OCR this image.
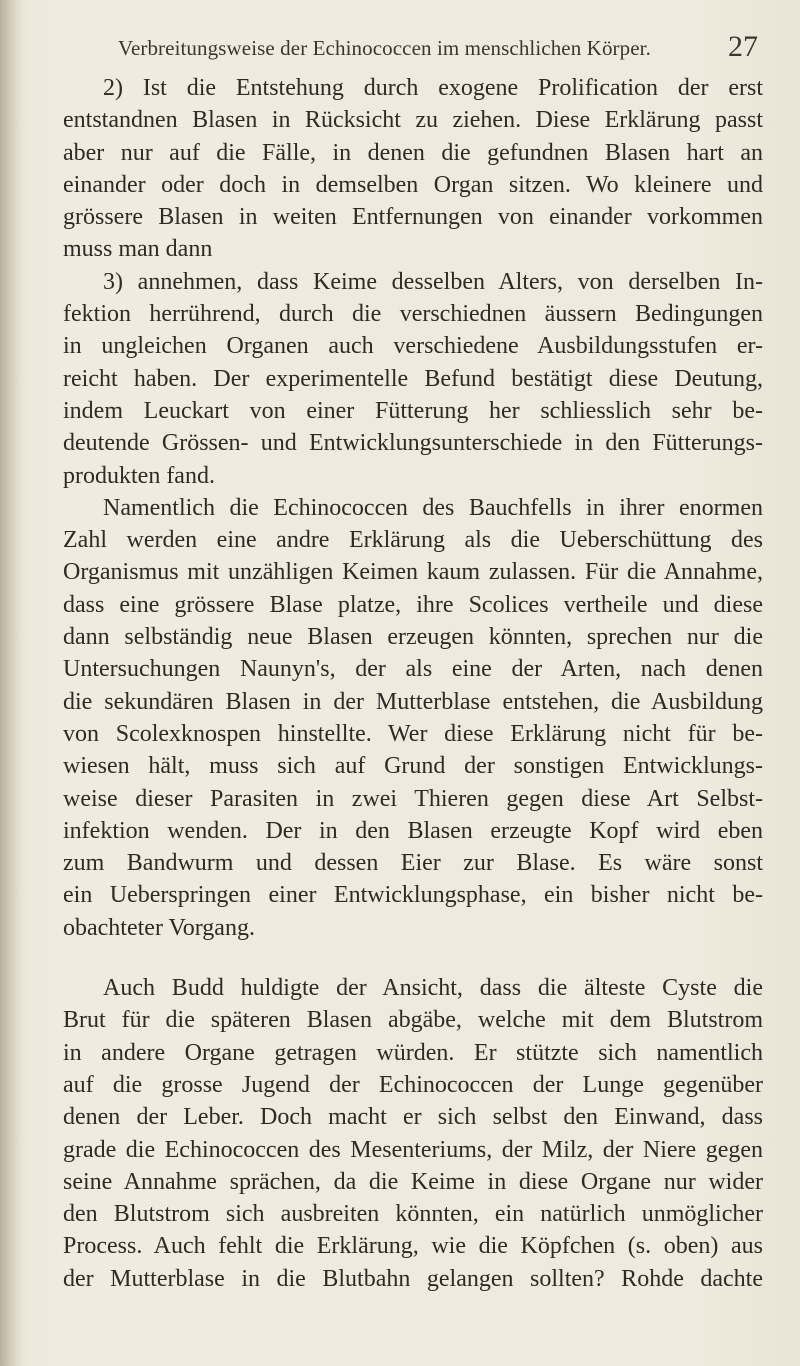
Verbreitungsweise der Echinococcen im menschlichen Körper.	27
2) Ist die Entstehung durch exogene Prolification der erst
entstandnen Blasen in Rücksicht zu ziehen. Diese Erklärung passt
aber nur auf die Fälle, in denen die gefundnen Blasen hart an
einander oder doch in demselben Organ sitzen. Wo kleinere und
grössere Blasen in weiten Entfernungen von einander vorkommen
muss man dann
3) annehmen, dass Keime desselben Alters, von derselben In-
fektion herrührend, durch die verschiednen äussern Bedingungen
in ungleichen Organen auch verschiedene Ausbildungsstufen er-
reicht haben. Der experimentelle Befund bestätigt diese Deutung,
indem Leuckart von einer Fütterung her schliesslich sehr be-
deutende Grössen- und Entwicklungsunterschiede in den Fütterungs-
produkten fand.
Namentlich die Echinococcen des Bauchfells in ihrer enormen
Zahl werden eine andre Erklärung als die Ueberschüttung des
Organismus mit unzähligen Keimen kaum zulassen. Für die Annahme,
dass eine grössere Blase platze, ihre Scolices vertheile und diese
dann selbständig neue Blasen erzeugen könnten, sprechen nur die
Untersuchungen Naunyn's, der als eine der Arten, nach denen
die sekundären Blasen in der Mutterblase entstehen, die Ausbildung
von Scolexknospen hinstellte. Wer diese Erklärung nicht für be-
wiesen hält, muss sich auf Grund der sonstigen Entwicklungs-
weise dieser Parasiten in zwei Thieren gegen diese Art Selbst-
infektion wenden. Der in den Blasen erzeugte Kopf wird eben
zum Bandwurm und dessen Eier zur Blase. Es wäre sonst
ein Ueberspringen einer Entwicklungsphase, ein bisher nicht be-
obachteter Vorgang.
Auch Budd huldigte der Ansicht, dass die älteste Cyste die
Brut für die späteren Blasen abgäbe, welche mit dem Blutstrom
in andere Organe getragen würden. Er stützte sich namentlich
auf die grosse Jugend der Echinococcen der Lunge gegenüber
denen der Leber. Doch macht er sich selbst den Einwand, dass
grade die Echinococcen des Mesenteriums, der Milz, der Niere gegen
seine Annahme sprächen, da die Keime in diese Organe nur wider
den Blutstrom sich ausbreiten könnten, ein natürlich unmöglicher
Process. Auch fehlt die Erklärung, wie die Köpfchen (s. oben) aus
der Mutterblase in die Blutbahn gelangen sollten? Rohde dachte
